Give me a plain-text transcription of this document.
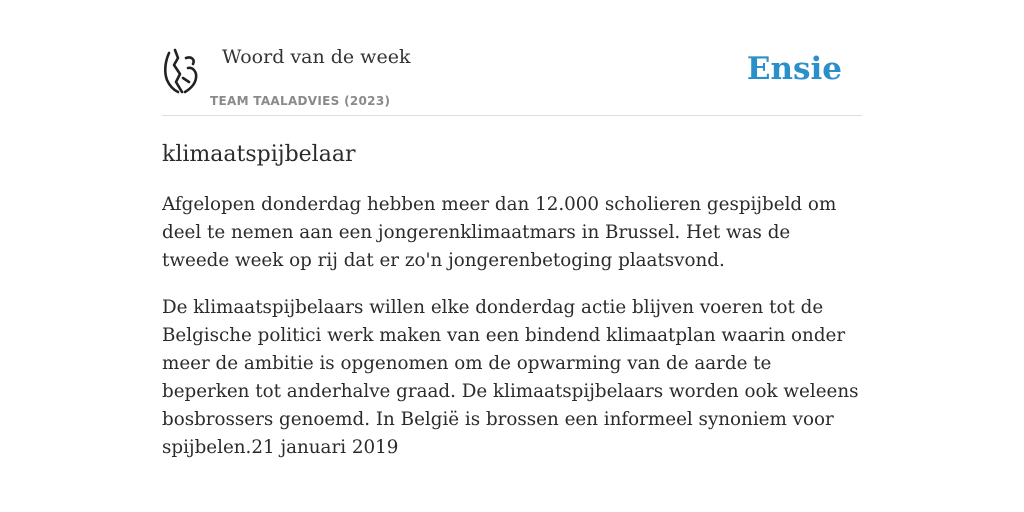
Woord van de week
TEAM TAALADVIES (2023)
Ensie
klimaatspijbelaar

Afgelopen donderdag hebben meer dan 12.000 scholieren gespijbeld om deel te nemen aan een jongerenklimaatmars in Brussel. Het was de tweede week op rij dat er zo'n jongerenbetoging plaatsvond.

De klimaatspijbelaars willen elke donderdag actie blijven voeren tot de Belgische politici werk maken van een bindend klimaatplan waarin onder meer de ambitie is opgenomen om de opwarming van de aarde te beperken tot anderhalve graad. De klimaatspijbelaars worden ook weleens bosbrossers genoemd. In België is brossen een informeel synoniem voor spijbelen.21 januari 2019
